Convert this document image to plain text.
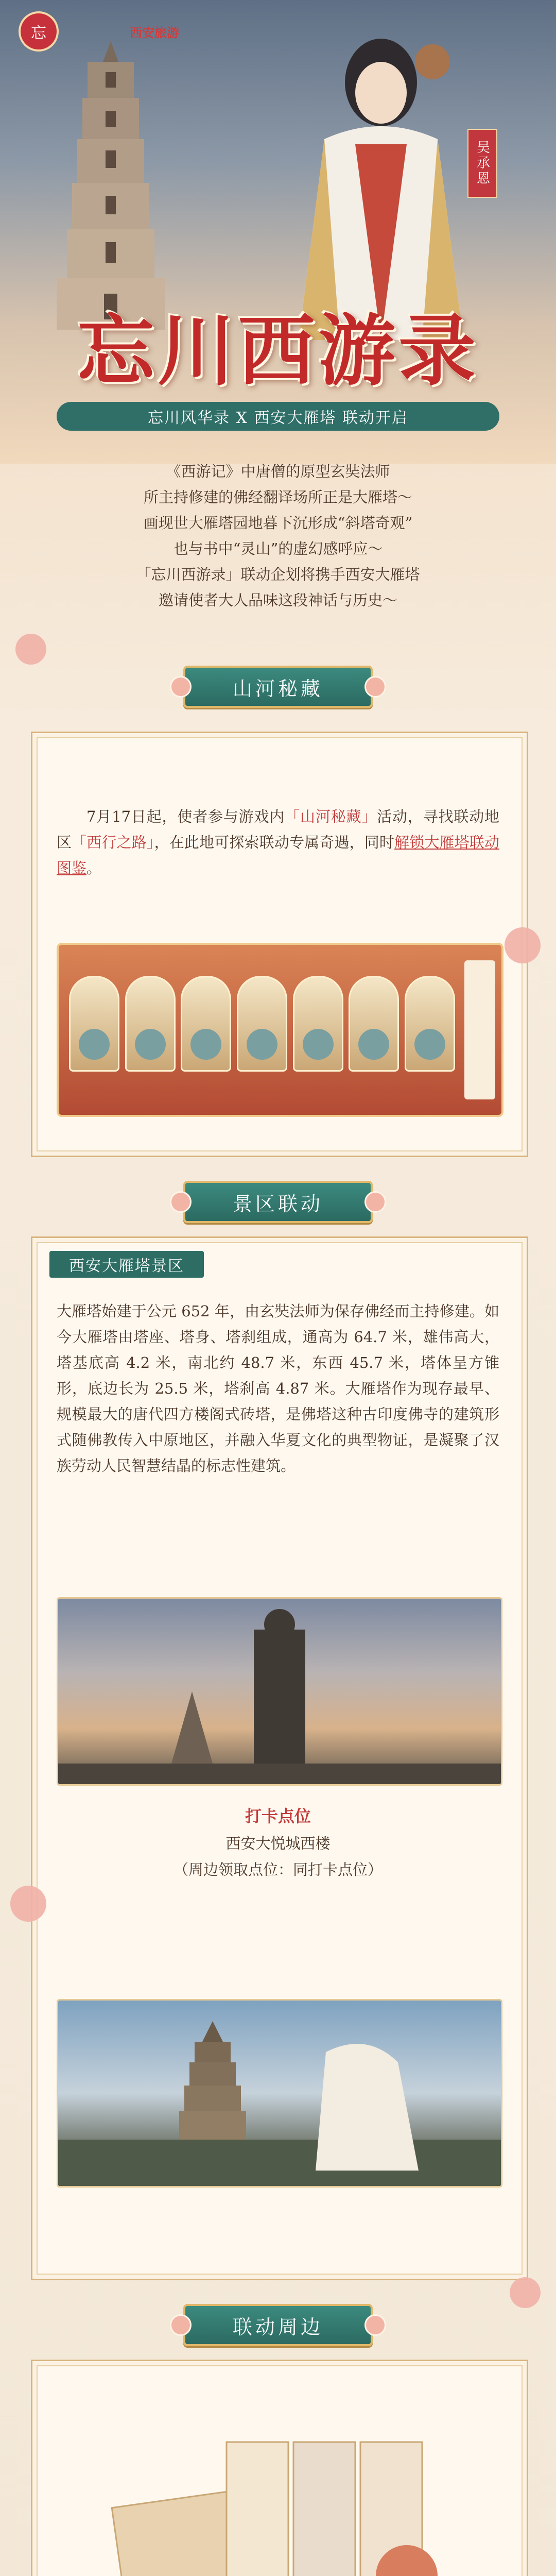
忘	西安旅游
吴承恩
忘川西游录
忘川风华录 X 西安大雁塔 联动开启
《西游记》中唐僧的原型玄奘法师
所主持修建的佛经翻译场所正是大雁塔～
画现世大雁塔园地暮下沉形成“斜塔奇观”
也与书中“灵山”的虚幻感呼应～
「忘川西游录」联动企划将携手西安大雁塔
邀请使者大人品味这段神话与历史～
山河秘藏
7月17日起，使者参与游戏内「山河秘藏」活动，寻找联动地区「西行之路」，在此地可探索联动专属奇遇，同时解锁大雁塔联动图鉴。
景区联动
西安大雁塔景区
大雁塔始建于公元 652 年，由玄奘法师为保存佛经而主持修建。如今大雁塔由塔座、塔身、塔刹组成，通高为 64.7 米，雄伟高大，塔基底高 4.2 米，南北约 48.7 米，东西 45.7 米，塔体呈方锥形，底边长为 25.5 米，塔刹高 4.87 米。大雁塔作为现存最早、规模最大的唐代四方楼阁式砖塔，是佛塔这种古印度佛寺的建筑形式随佛教传入中原地区，并融入华夏文化的典型物证，是凝聚了汉族劳动人民智慧结晶的标志性建筑。
打卡点位
西安大悦城西楼
（周边领取点位：同打卡点位）
联动周边
